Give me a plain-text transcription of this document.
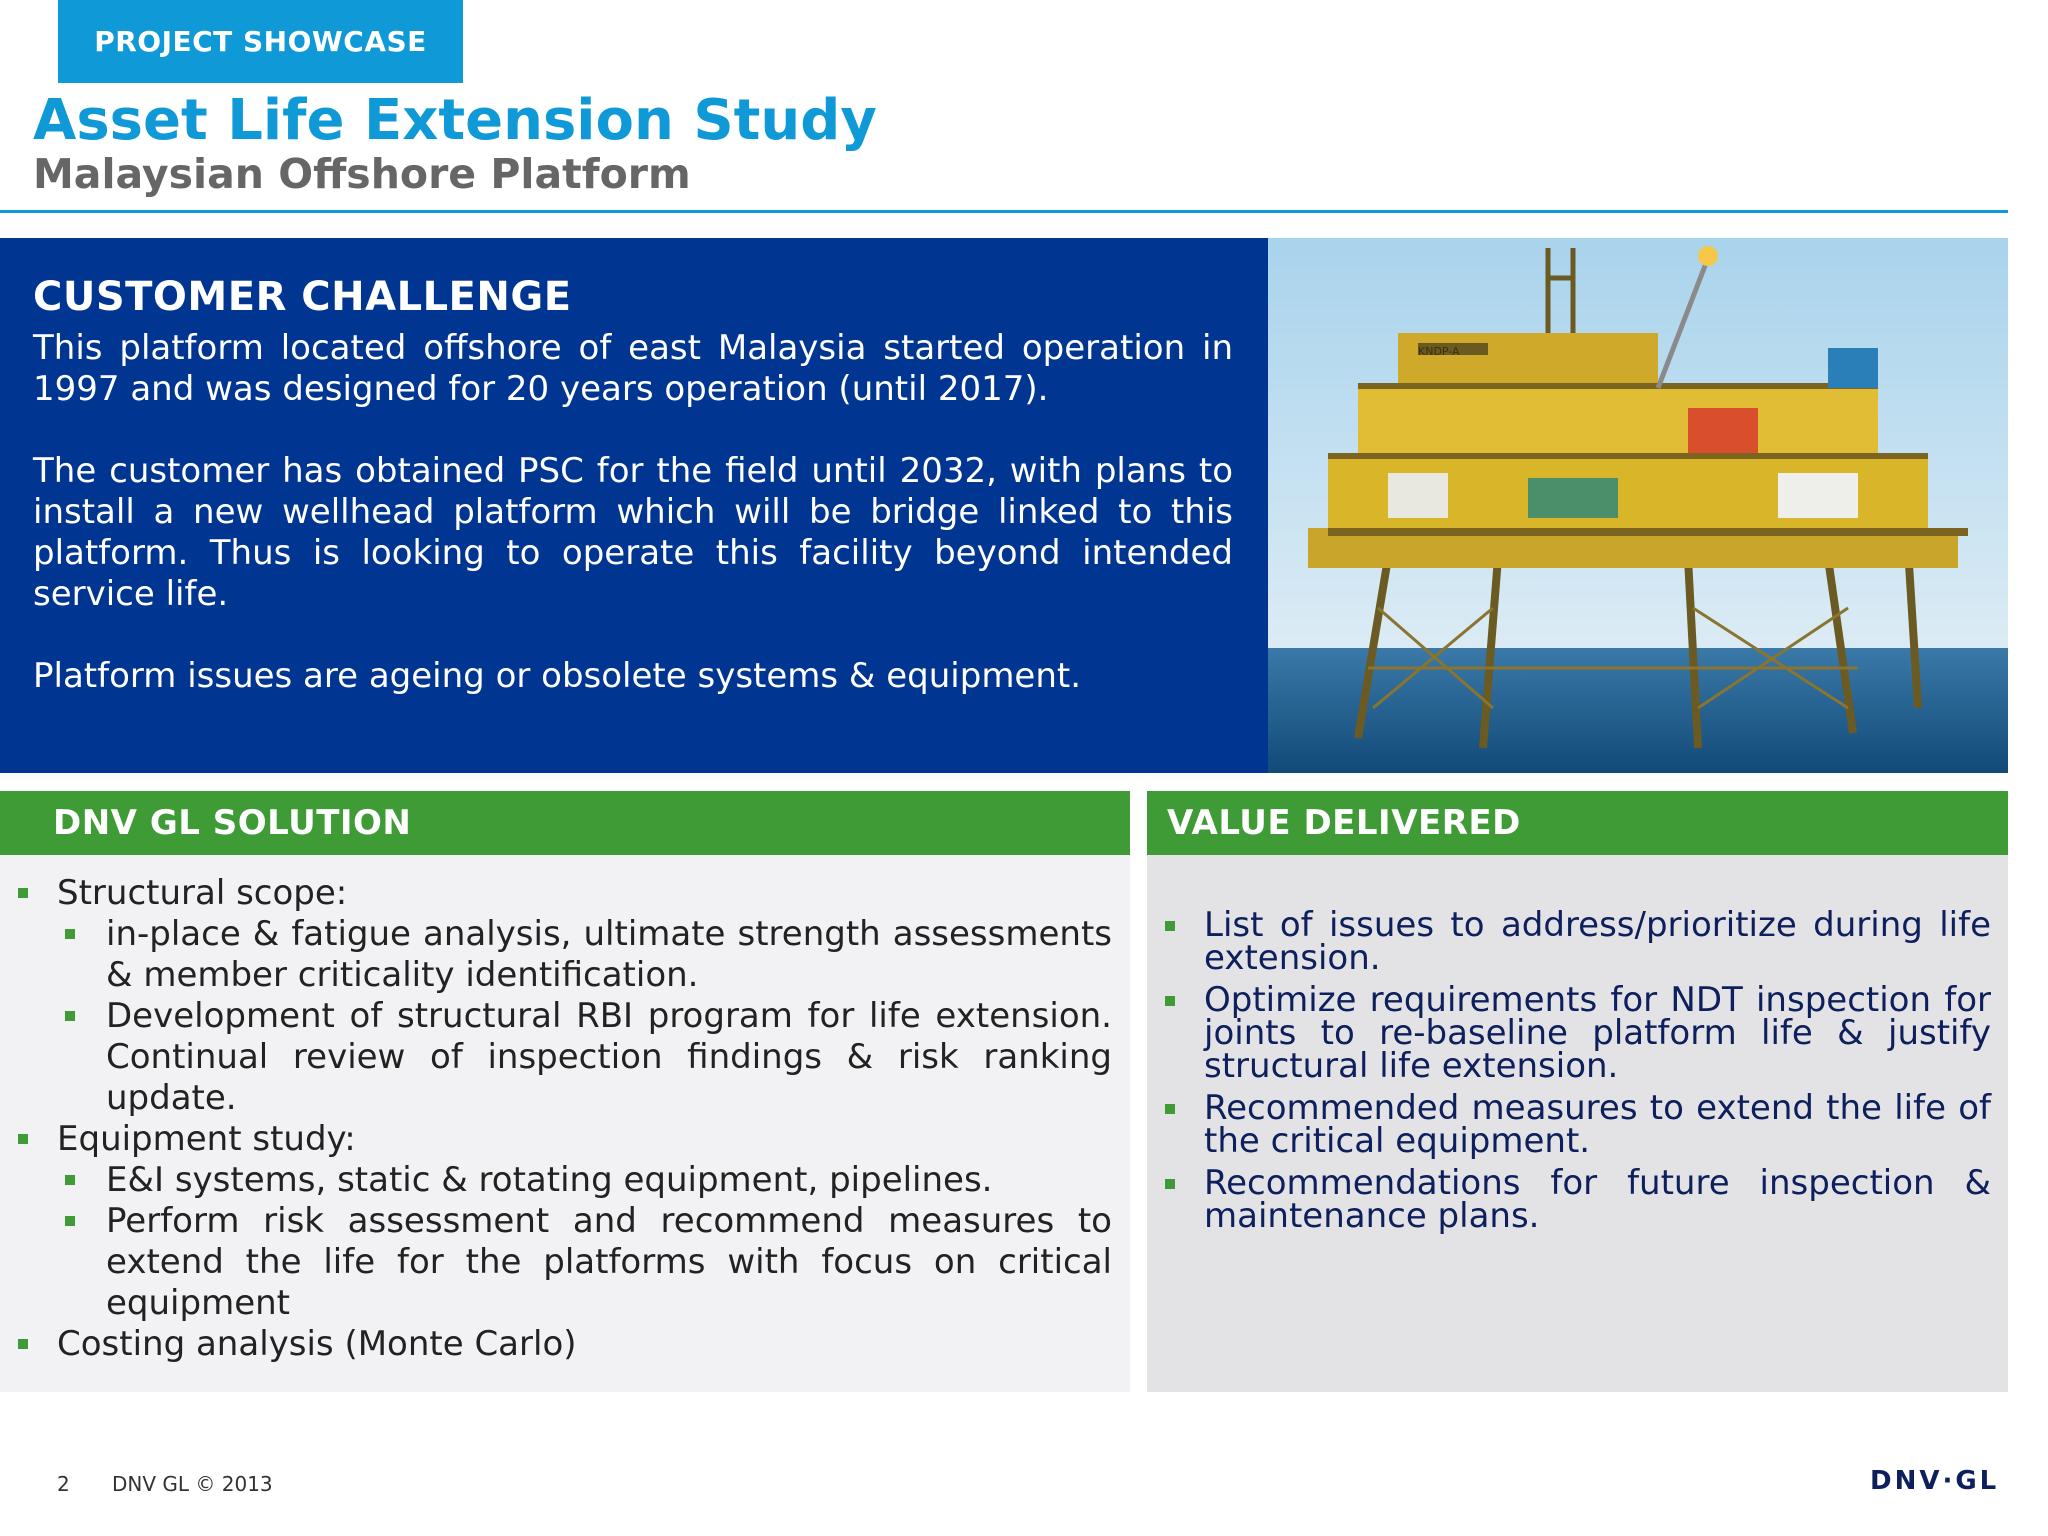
PROJECT SHOWCASE
Asset Life Extension Study
Malaysian Offshore Platform
CUSTOMER CHALLENGE

This platform located offshore of east Malaysia started operation in 1997 and was designed for 20 years operation (until 2017).

The customer has obtained PSC for the field until 2032, with plans to install a new wellhead platform which will be bridge linked to this platform. Thus is looking to operate this facility beyond intended service life.

Platform issues are ageing or obsolete systems & equipment.

KNDP-A
DNV GL SOLUTION
Structural scope:
in-place & fatigue analysis, ultimate strength assessments & member criticality identification.
Development of structural RBI program for life extension. Continual review of inspection findings & risk ranking update.
Equipment study:
E&I systems, static & rotating equipment, pipelines.
Perform risk assessment and recommend measures to extend the life for the platforms with focus on critical equipment
Costing analysis (Monte Carlo)
VALUE DELIVERED
List of issues to address/prioritize during life extension.
Optimize requirements for NDT inspection for joints to re-baseline platform life & justify structural life extension.
Recommended measures to extend the life of the critical equipment.
Recommendations for future inspection & maintenance plans.
2 DNV GL © 2013	DNV·GL
